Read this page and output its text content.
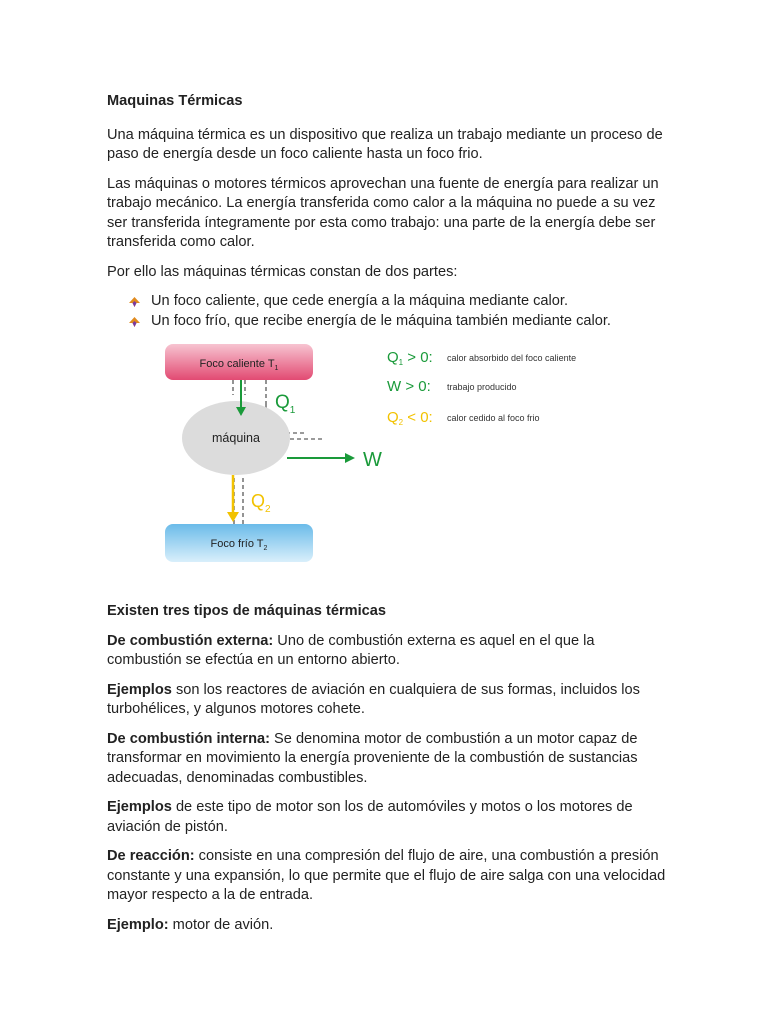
Maquinas Térmicas

Una máquina térmica es un dispositivo que realiza un trabajo mediante un proceso de paso de energía desde un foco caliente hasta un foco frio.

Las máquinas o motores térmicos aprovechan una fuente de energía para realizar un trabajo mecánico. La energía transferida como calor a la máquina no puede a su vez ser transferida íntegramente por esta como trabajo: una parte de la energía debe ser transferida como calor.

Por ello las máquinas térmicas constan de dos partes:

Un foco caliente, que cede energía a la máquina mediante calor.
Un foco frío, que recibe energía de le máquina también mediante calor.
Foco caliente $T_1$
Foco frío $T_2$
máquina
$Q_1$
W
$Q_2$
$Q_1 > 0$: calor absorbido del foco caliente
W > 0: trabajo producido
$Q_2 < 0$: calor cedido al foco frio

Existen tres tipos de máquinas térmicas

De combustión externa: Uno de combustión externa es aquel en el que la combustión se efectúa en un entorno abierto.

Ejemplos son los reactores de aviación en cualquiera de sus formas, incluidos los turbohélices, y algunos motores cohete.

De combustión interna: Se denomina motor de combustión a un motor capaz de transformar en movimiento la energía proveniente de la combustión de sustancias adecuadas, denominadas combustibles.

Ejemplos de este tipo de motor son los de automóviles y motos o los motores de aviación de pistón.

De reacción: consiste en una compresión del flujo de aire, una combustión a presión constante y una expansión, lo que permite que el flujo de aire salga con una velocidad mayor respecto a la de entrada.

Ejemplo: motor de avión.
